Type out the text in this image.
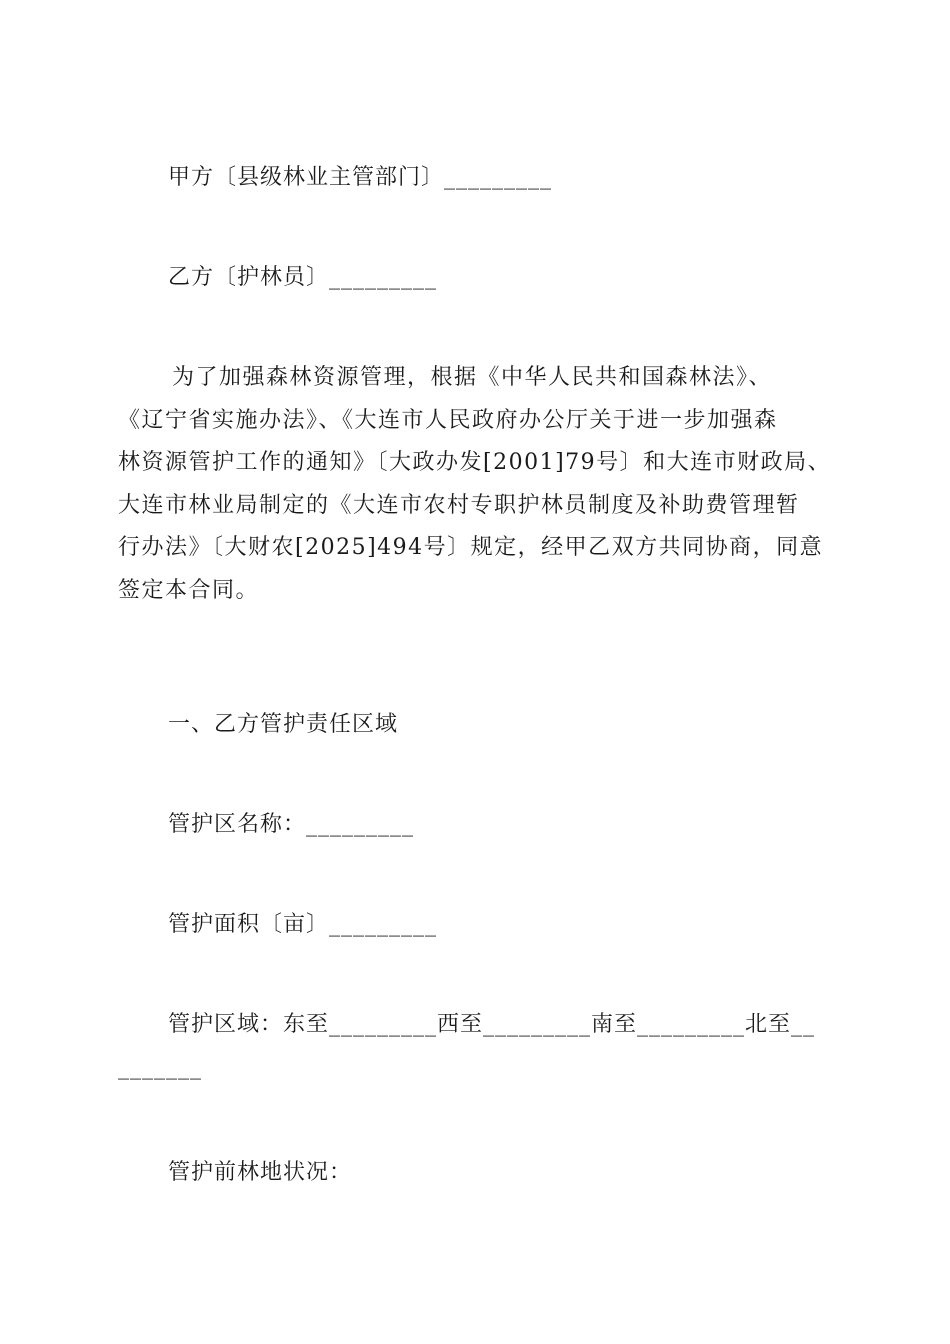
甲方〔县级林业主管部门〕_________
乙方〔护林员〕_________
为了加强森林资源管理，根据《中华人民共和国森林法》、
《辽宁省实施办法》、《大连市人民政府办公厅关于进一步加强森
林资源管护工作的通知》〔大政办发[2001]79号〕和大连市财政局、
大连市林业局制定的《大连市农村专职护林员制度及补助费管理暂
行办法》〔大财农[2025]494号〕规定，经甲乙双方共同协商，同意
签定本合同。
一、乙方管护责任区域
管护区名称：_________
管护面积〔亩〕_________
管护区域：东至_________西至_________南至_________北至__
_______
管护前林地状况：
